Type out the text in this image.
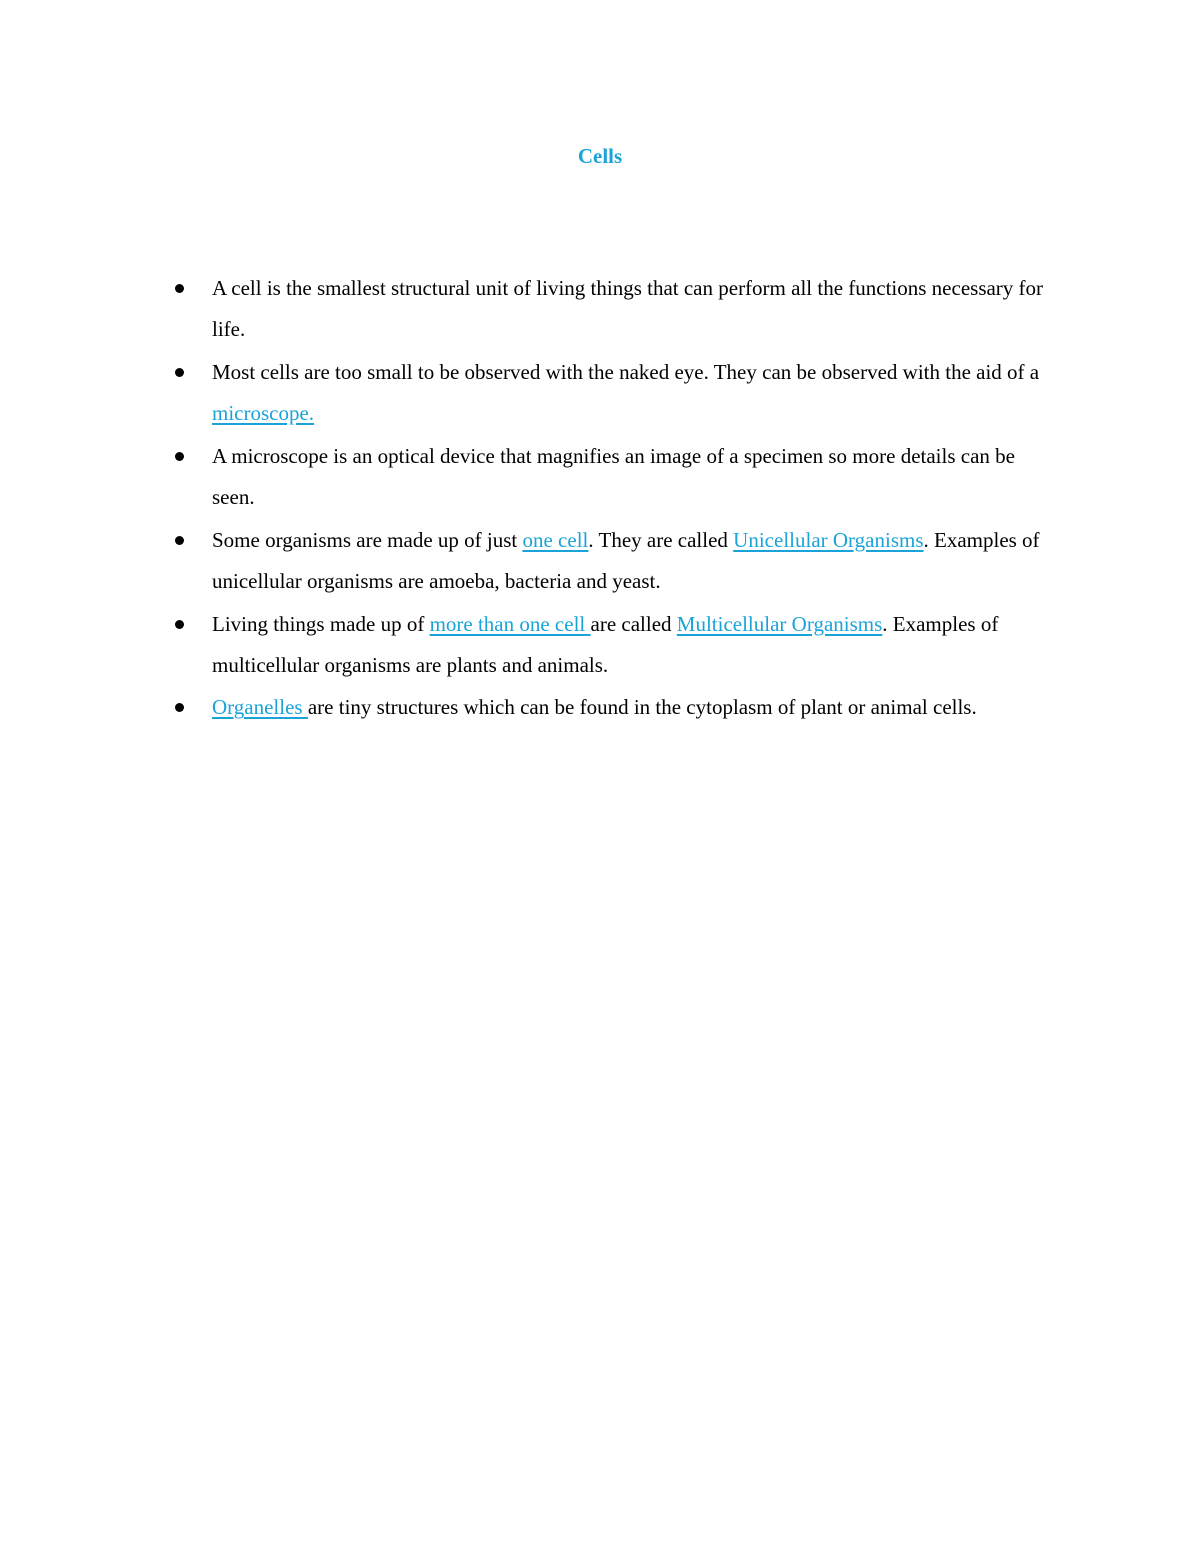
Cells
A cell is the smallest structural unit of living things that can perform all the functions necessary for life.
Most cells are too small to be observed with the naked eye. They can be observed with the aid of a microscope.
A microscope is an optical device that magnifies an image of a specimen so more details can be seen.
Some organisms are made up of just one cell. They are called Unicellular Organisms. Examples of unicellular organisms are amoeba, bacteria and yeast.
Living things made up of more than one cell are called Multicellular Organisms. Examples of multicellular organisms are plants and animals.
Organelles are tiny structures which can be found in the cytoplasm of plant or animal cells.
